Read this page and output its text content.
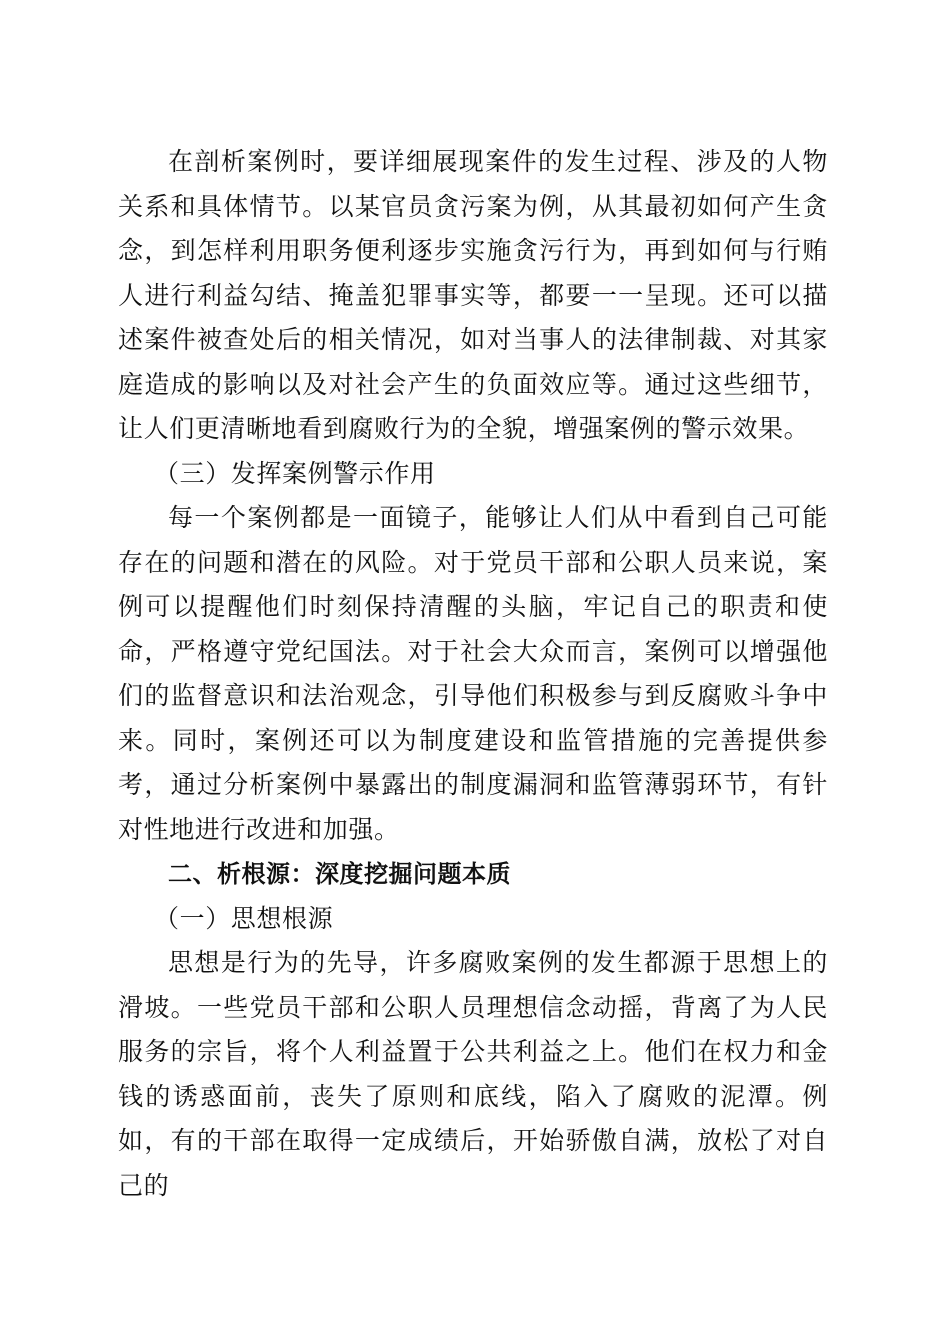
在剖析案例时，要详细展现案件的发生过程、涉及的人物关系和具体情节。以某官员贪污案为例，从其最初如何产生贪念，到怎样利用职务便利逐步实施贪污行为，再到如何与行贿人进行利益勾结、掩盖犯罪事实等，都要一一呈现。还可以描述案件被查处后的相关情况，如对当事人的法律制裁、对其家庭造成的影响以及对社会产生的负面效应等。通过这些细节，让人们更清晰地看到腐败行为的全貌，增强案例的警示效果。

（三）发挥案例警示作用

每一个案例都是一面镜子，能够让人们从中看到自己可能存在的问题和潜在的风险。对于党员干部和公职人员来说，案例可以提醒他们时刻保持清醒的头脑，牢记自己的职责和使命，严格遵守党纪国法。对于社会大众而言，案例可以增强他们的监督意识和法治观念，引导他们积极参与到反腐败斗争中来。同时，案例还可以为制度建设和监管措施的完善提供参考，通过分析案例中暴露出的制度漏洞和监管薄弱环节，有针对性地进行改进和加强。

二、析根源：深度挖掘问题本质

（一）思想根源

思想是行为的先导，许多腐败案例的发生都源于思想上的滑坡。一些党员干部和公职人员理想信念动摇，背离了为人民服务的宗旨，将个人利益置于公共利益之上。他们在权力和金钱的诱惑面前，丧失了原则和底线，陷入了腐败的泥潭。例如，有的干部在取得一定成绩后，开始骄傲自满，放松了对自己的
